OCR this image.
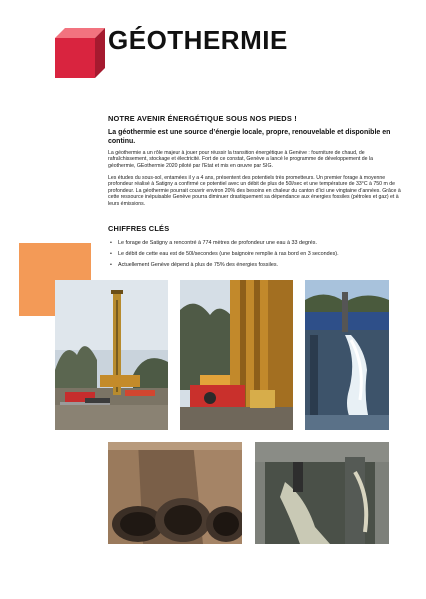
GÉOTHERMIE
NOTRE AVENIR ÉNERGÉTIQUE SOUS NOS PIEDS !
La géothermie est une source d’énergie locale, propre, renouvelable et disponible en continu.
La géothermie a un rôle majeur à jouer pour réussir la transition énergétique à Genève : fourniture de chaud, de rafraîchissement, stockage et électricité. Fort de ce constat, Genève a lancé le programme de développement de la géothermie, GEothermie 2020 piloté par l’Etat et mis en œuvre par SIG.
Les études du sous-sol, entamées il y a 4 ans, présentent des potentiels très prometteurs. Un premier forage à moyenne profondeur réalisé à Satigny a confirmé ce potentiel avec un débit de plus de 50l/sec et une température de 33°C à 750 m de profondeur. La géothermie pourrait couvrir environ 20% des besoins en chaleur du canton d’ici une vingtaine d’années. Grâce à cette ressource inépuisable Genève pourra diminuer drastiquement sa dépendance aux énergies fossiles (pétroles et gaz) et à leurs émissions.
CHIFFRES CLÉS
• Le forage de Satigny a rencontré à 774 mètres de profondeur une eau à 33 degrés.
• Le débit de cette eau est de 50l/secondes (une baignoire remplie à ras bord en 3 secondes).
• Actuellement Genève dépend à plus de 75% des énergies fossiles.
